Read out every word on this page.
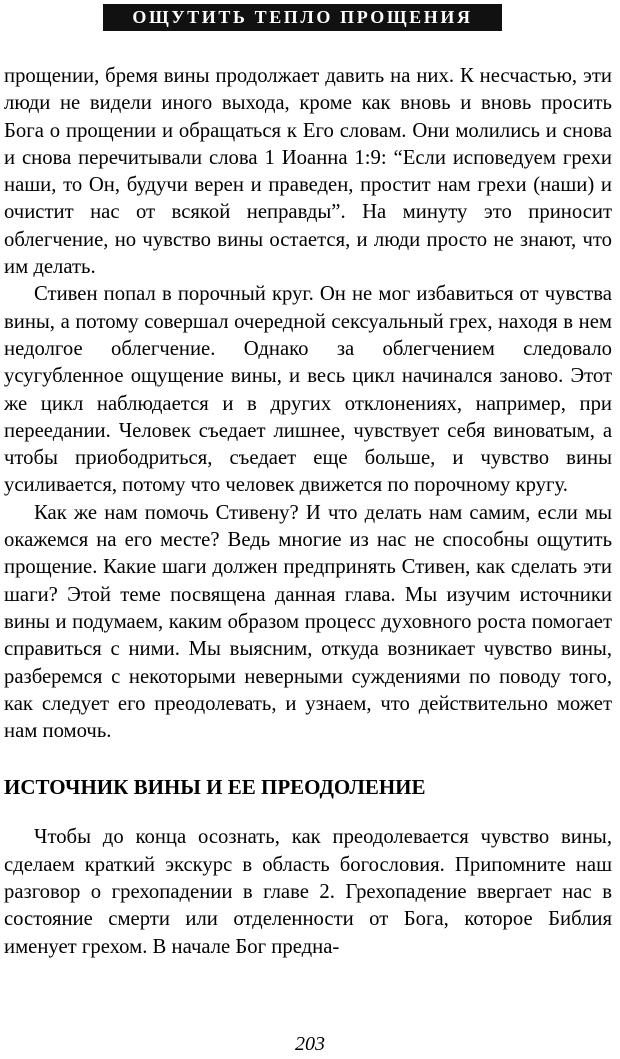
ОЩУТИТЬ ТЕПЛО ПРОЩЕНИЯ

прощении, бремя вины продолжает давить на них. К несчастью, эти люди не видели иного выхода, кроме как вновь и вновь просить Бога о прощении и обращаться к Его словам. Они молились и снова и снова перечитывали слова 1 Иоанна 1:9: “Если исповедуем грехи наши, то Он, будучи верен и праведен, простит нам грехи (наши) и очистит нас от всякой неправды”. На минуту это приносит облегчение, но чувство вины остается, и люди просто не знают, что им делать.

Стивен попал в порочный круг. Он не мог избавиться от чувства вины, а потому совершал очередной сексуальный грех, находя в нем недолгое облегчение. Однако за облегчением следовало усугубленное ощущение вины, и весь цикл начинался заново. Этот же цикл наблюдается и в других отклонениях, например, при переедании. Человек съедает лишнее, чувствует себя виноватым, а чтобы приободриться, съедает еще больше, и чувство вины усиливается, потому что человек движется по порочному кругу.

Как же нам помочь Стивену? И что делать нам самим, если мы окажемся на его месте? Ведь многие из нас не способны ощутить прощение. Какие шаги должен предпринять Стивен, как сделать эти шаги? Этой теме посвящена данная глава. Мы изучим источники вины и подумаем, каким образом процесс духовного роста помогает справиться с ними. Мы выясним, откуда возникает чувство вины, разберемся с некоторыми неверными суждениями по поводу того, как следует его преодолевать, и узнаем, что действительно может нам помочь.

ИСТОЧНИК ВИНЫ И ЕЕ ПРЕОДОЛЕНИЕ

Чтобы до конца осознать, как преодолевается чувство вины, сделаем краткий экскурс в область богословия. Припомните наш разговор о грехопадении в главе 2. Грехопадение ввергает нас в состояние смерти или отделенности от Бога, которое Библия именует грехом. В начале Бог предна-

203
